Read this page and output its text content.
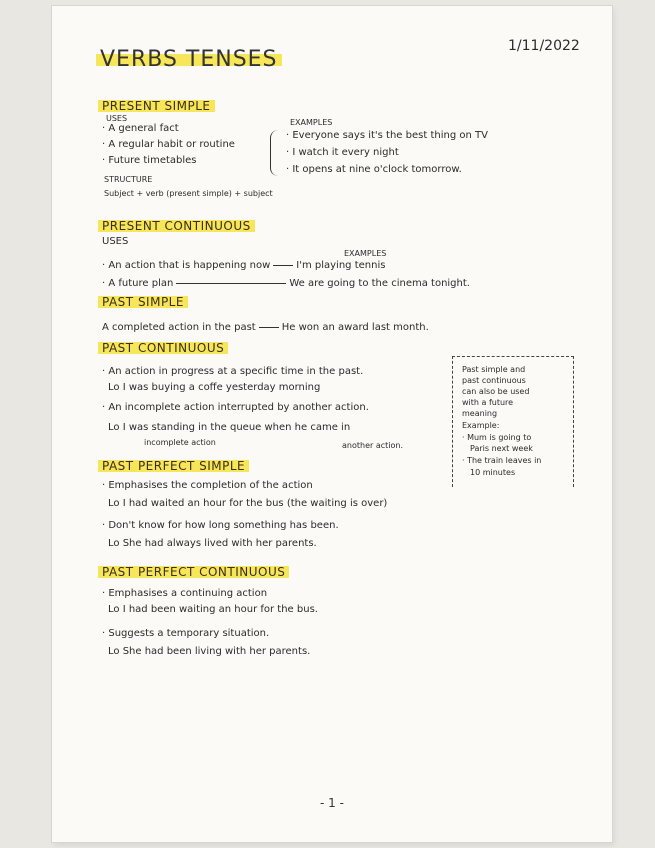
1/11/2022
VERBS TENSES
PRESENT SIMPLE
USES
· A general fact
· A regular habit or routine
· Future timetables
EXAMPLES
· Everyone says it's the best thing on TV
· I watch it every night
· It opens at nine o'clock tomorrow.
STRUCTURE
Subject + verb (present simple) + subject
PRESENT CONTINUOUS
USES
EXAMPLES
· An action that is happening now	I'm playing tennis
· A future plan	We are going to the cinema tonight.
PAST SIMPLE
A completed action in the past	He won an award last month.
PAST CONTINUOUS
· An action in progress at a specific time in the past.
Lo I was buying a coffe yesterday morning
· An incomplete action interrupted by another action.
Lo I was standing in the queue when he came in
incomplete action	another action.
Past simple and
past continuous
can also be used
with a future
meaning
Example:
· Mum is going to
Paris next week
· The train leaves in
10 minutes
PAST PERFECT SIMPLE
· Emphasises the completion of the action
Lo I had waited an hour for the bus (the waiting is over)
· Don't know for how long something has been.
Lo She had always lived with her parents.
PAST PERFECT CONTINUOUS
· Emphasises a continuing action
Lo I had been waiting an hour for the bus.
· Suggests a temporary situation.
Lo She had been living with her parents.
- 1 -
